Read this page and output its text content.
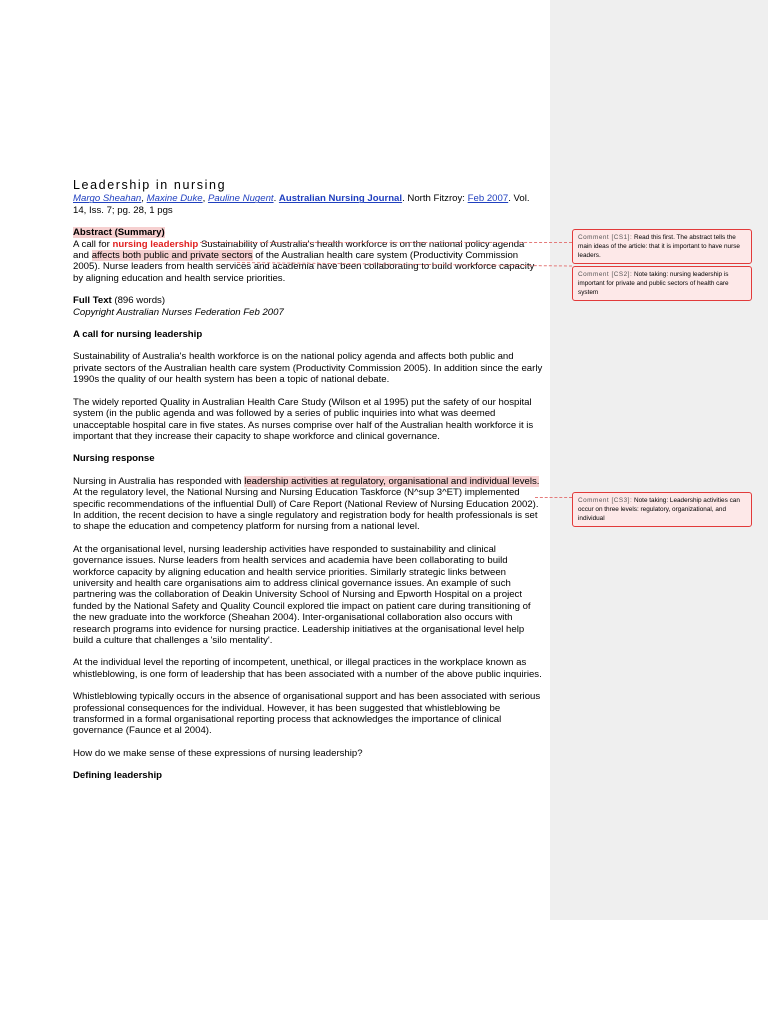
Leadership in nursing

Margo Sheahan, Maxine Duke, Pauline Nugent. Australian Nursing Journal. North Fitzroy: Feb 2007. Vol. 14, Iss. 7; pg. 28, 1 pgs

Abstract (Summary)
A call for nursing leadership Sustainability of Australia's health workforce is on the national policy agenda and affects both public and private sectors of the Australian health care system (Productivity Commission 2005). Nurse leaders from health services and academia have been collaborating to build workforce capacity by aligning education and health service priorities.

Full Text (896 words)
Copyright Australian Nurses Federation Feb 2007

A call for nursing leadership

Sustainability of Australia's health workforce is on the national policy agenda and affects both public and private sectors of the Australian health care system (Productivity Commission 2005). In addition since the early 1990s the quality of our health system has been a topic of national debate.

The widely reported Quality in Australian Health Care Study (Wilson et al 1995) put the safety of our hospital system (in the public agenda and was followed by a series of public inquiries into what was deemed unacceptable hospital care in five states. As nurses comprise over half of the Australian health workforce it is important that they increase their capacity to shape workforce and clinical governance.

Nursing response

Nursing in Australia has responded with leadership activities at regulatory, organisational and individual levels. At the regulatory level, the National Nursing and Nursing Education Taskforce (N^sup 3^ET) implemented specific recommendations of the influential Dull) of Care Report (National Review of Nursing Education 2002). In addition, the recent decision to have a single regulatory and registration body for health professionals is set to shape the education and competency platform for nursing from a national level.

At the organisational level, nursing leadership activities have responded to sustainability and clinical governance issues. Nurse leaders from health services and academia have been collaborating to build workforce capacity by aligning education and health service priorities. Similarly strategic links between university and health care organisations aim to address clinical governance issues. An example of such partnering was the collaboration of Deakin University School of Nursing and Epworth Hospital on a project funded by the National Safety and Quality Council explored tlie impact on patient care during transitioning of the new graduate into the workforce (Sheahan 2004). Inter-organisational collaboration also occurs with research programs into evidence for nursing practice. Leadership initiatives at the organisational level help build a culture that challenges a 'silo mentality'.

At the individual level the reporting of incompetent, unethical, or illegal practices in the workplace known as whistleblowing, is one form of leadership that has been associated with a number of the above public inquiries.

Whistleblowing typically occurs in the absence of organisational support and has been associated with serious professional consequences for the individual. However, it has been suggested that whistleblowing be transformed in a formal organisational reporting process that acknowledges the importance of clinical governance (Faunce et al 2004).

How do we make sense of these expressions of nursing leadership?

Defining leadership

Comment [CS1]: Read this first. The abstract tells the main ideas of the article: that it is important to have nurse leaders.
Comment [CS2]: Note taking: nursing leadership is important for private and public sectors of health care system
Comment [CS3]: Note taking: Leadership activities can occur on three levels: regulatory, organizational, and individual
